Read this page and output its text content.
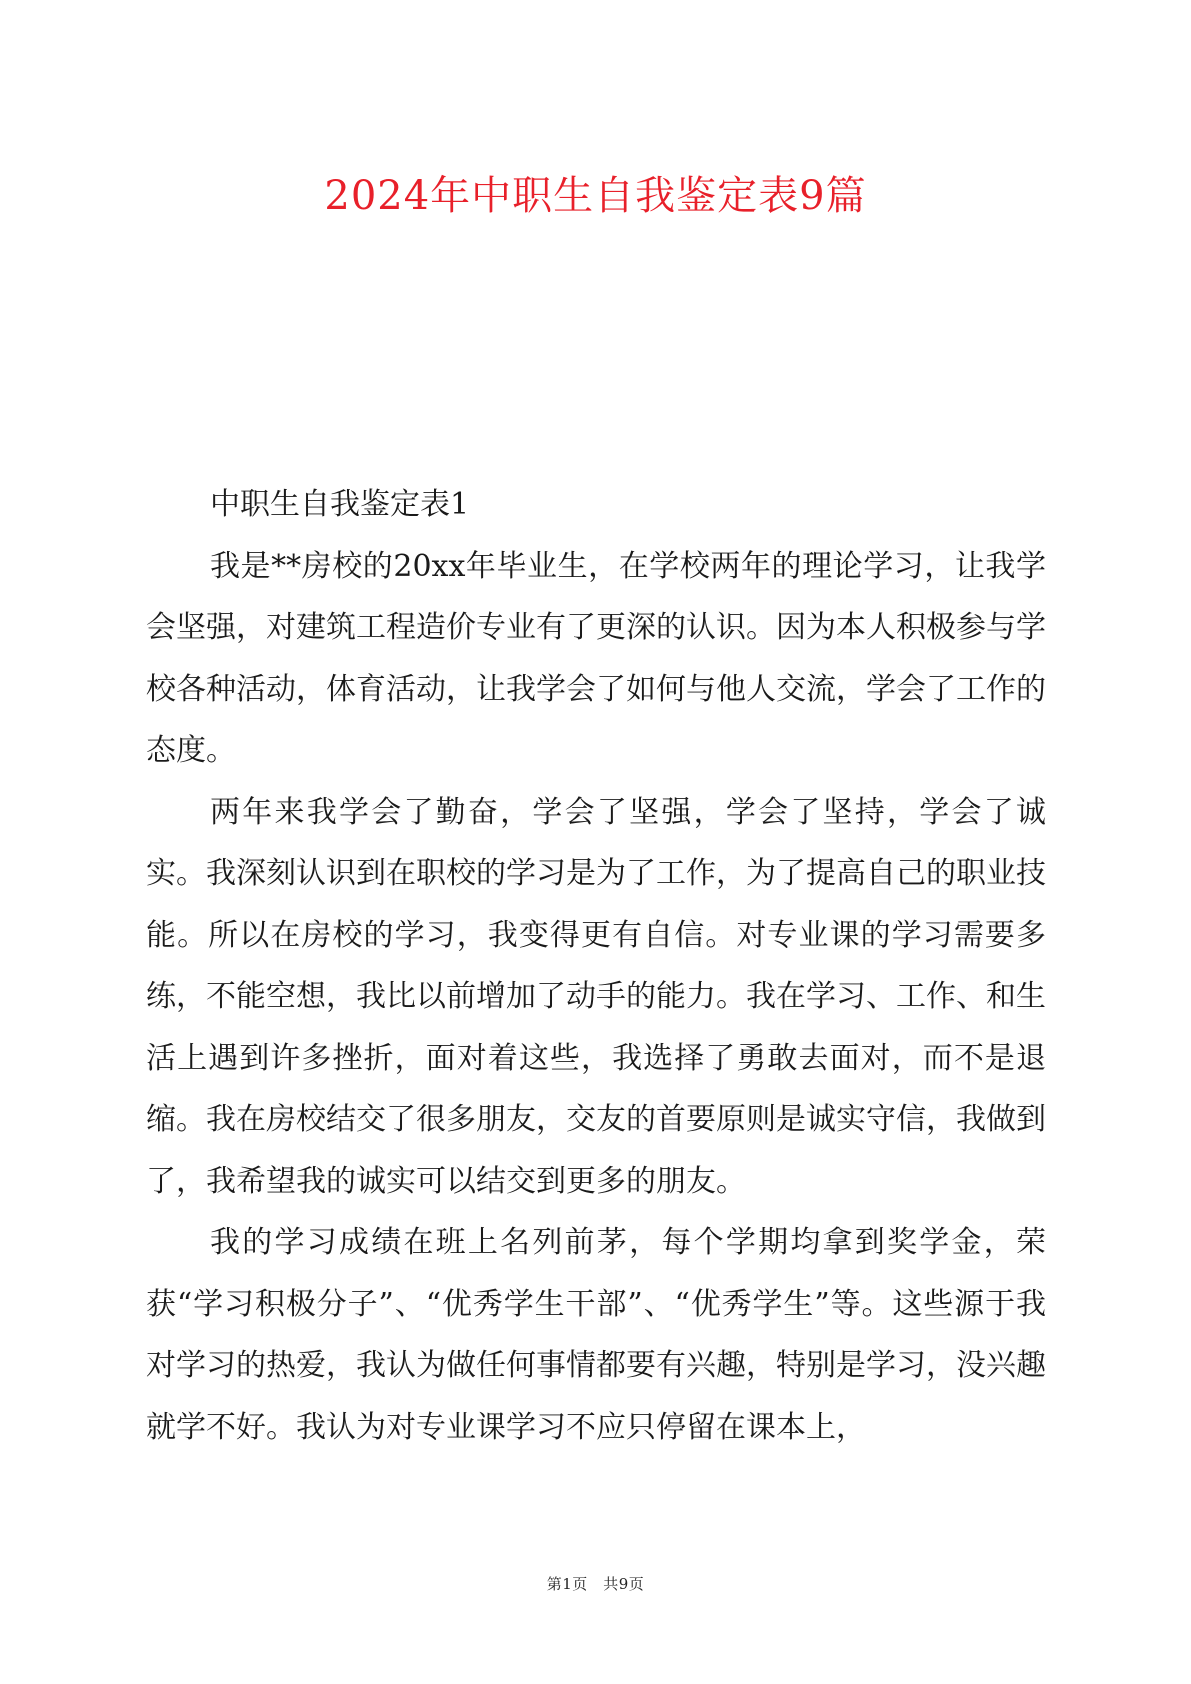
2024年中职生自我鉴定表9篇

中职生自我鉴定表1

我是**房校的20xx年毕业生，在学校两年的理论学习，让我学会坚强，对建筑工程造价专业有了更深的认识。因为本人积极参与学校各种活动，体育活动，让我学会了如何与他人交流，学会了工作的态度。

两年来我学会了勤奋，学会了坚强，学会了坚持，学会了诚实。我深刻认识到在职校的学习是为了工作，为了提高自己的职业技能。所以在房校的学习，我变得更有自信。对专业课的学习需要多练，不能空想，我比以前增加了动手的能力。我在学习、工作、和生活上遇到许多挫折，面对着这些，我选择了勇敢去面对，而不是退缩。我在房校结交了很多朋友，交友的首要原则是诚实守信，我做到了，我希望我的诚实可以结交到更多的朋友。

我的学习成绩在班上名列前茅，每个学期均拿到奖学金，荣获“学习积极分子”、“优秀学生干部”、“优秀学生”等。这些源于我对学习的热爱，我认为做任何事情都要有兴趣，特别是学习，没兴趣就学不好。我认为对专业课学习不应只停留在课本上，

第1页　共9页
